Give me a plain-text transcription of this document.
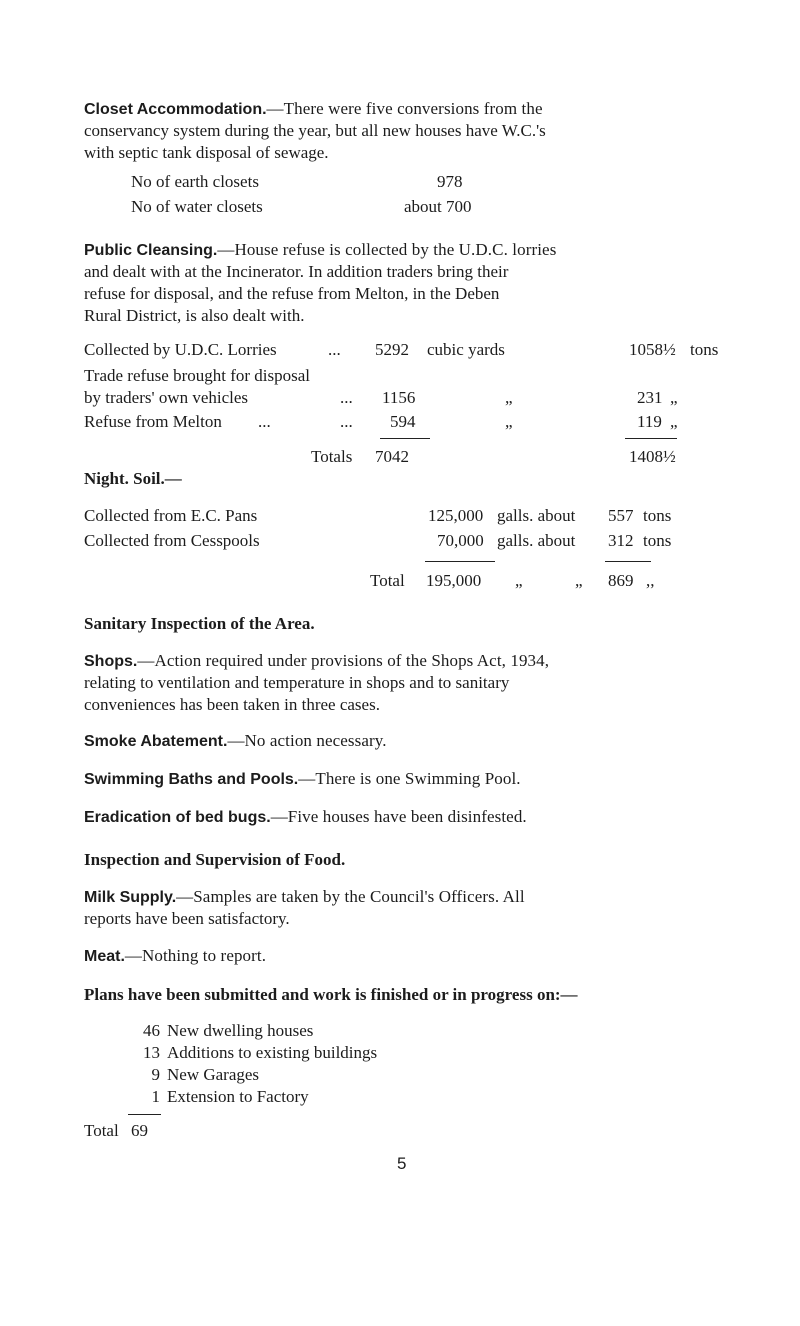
Closet Accommodation.—There were five conversions from the
conservancy system during the year, but all new houses have W.C.'s
with septic tank disposal of sewage.
No of earth closets	978
No of water closets	about 700
Public Cleansing.—House refuse is collected by the U.D.C. lorries
and dealt with at the Incinerator. In addition traders bring their
refuse for disposal, and the refuse from Melton, in the Deben
Rural District, is also dealt with.
Collected by U.D.C. Lorries	... 5292 cubic yards	1058½ tons
Trade refuse brought for disposal
by traders' own vehicles	... 1156	„	231 „
Refuse from Melton ...	... 594	„	119 „
Totals 7042	1408½
Night. Soil.—
Collected from E.C. Pans	125,000 galls. about 557 tons
Collected from Cesspools	70,000 galls. about 312 tons
Total 195,000 „	„ 869 ,,
Sanitary Inspection of the Area.
Shops.—Action required under provisions of the Shops Act, 1934,
relating to ventilation and temperature in shops and to sanitary
conveniences has been taken in three cases.
Smoke Abatement.—No action necessary.
Swimming Baths and Pools.—There is one Swimming Pool.
Eradication of bed bugs.—Five houses have been disinfested.
Inspection and Supervision of Food.
Milk Supply.—Samples are taken by the Council's Officers. All
reports have been satisfactory.
Meat.—Nothing to report.
Plans have been submitted and work is finished or in progress on:—
46 New dwelling houses
13 Additions to existing buildings
9 New Garages
1 Extension to Factory
Total 69
5
